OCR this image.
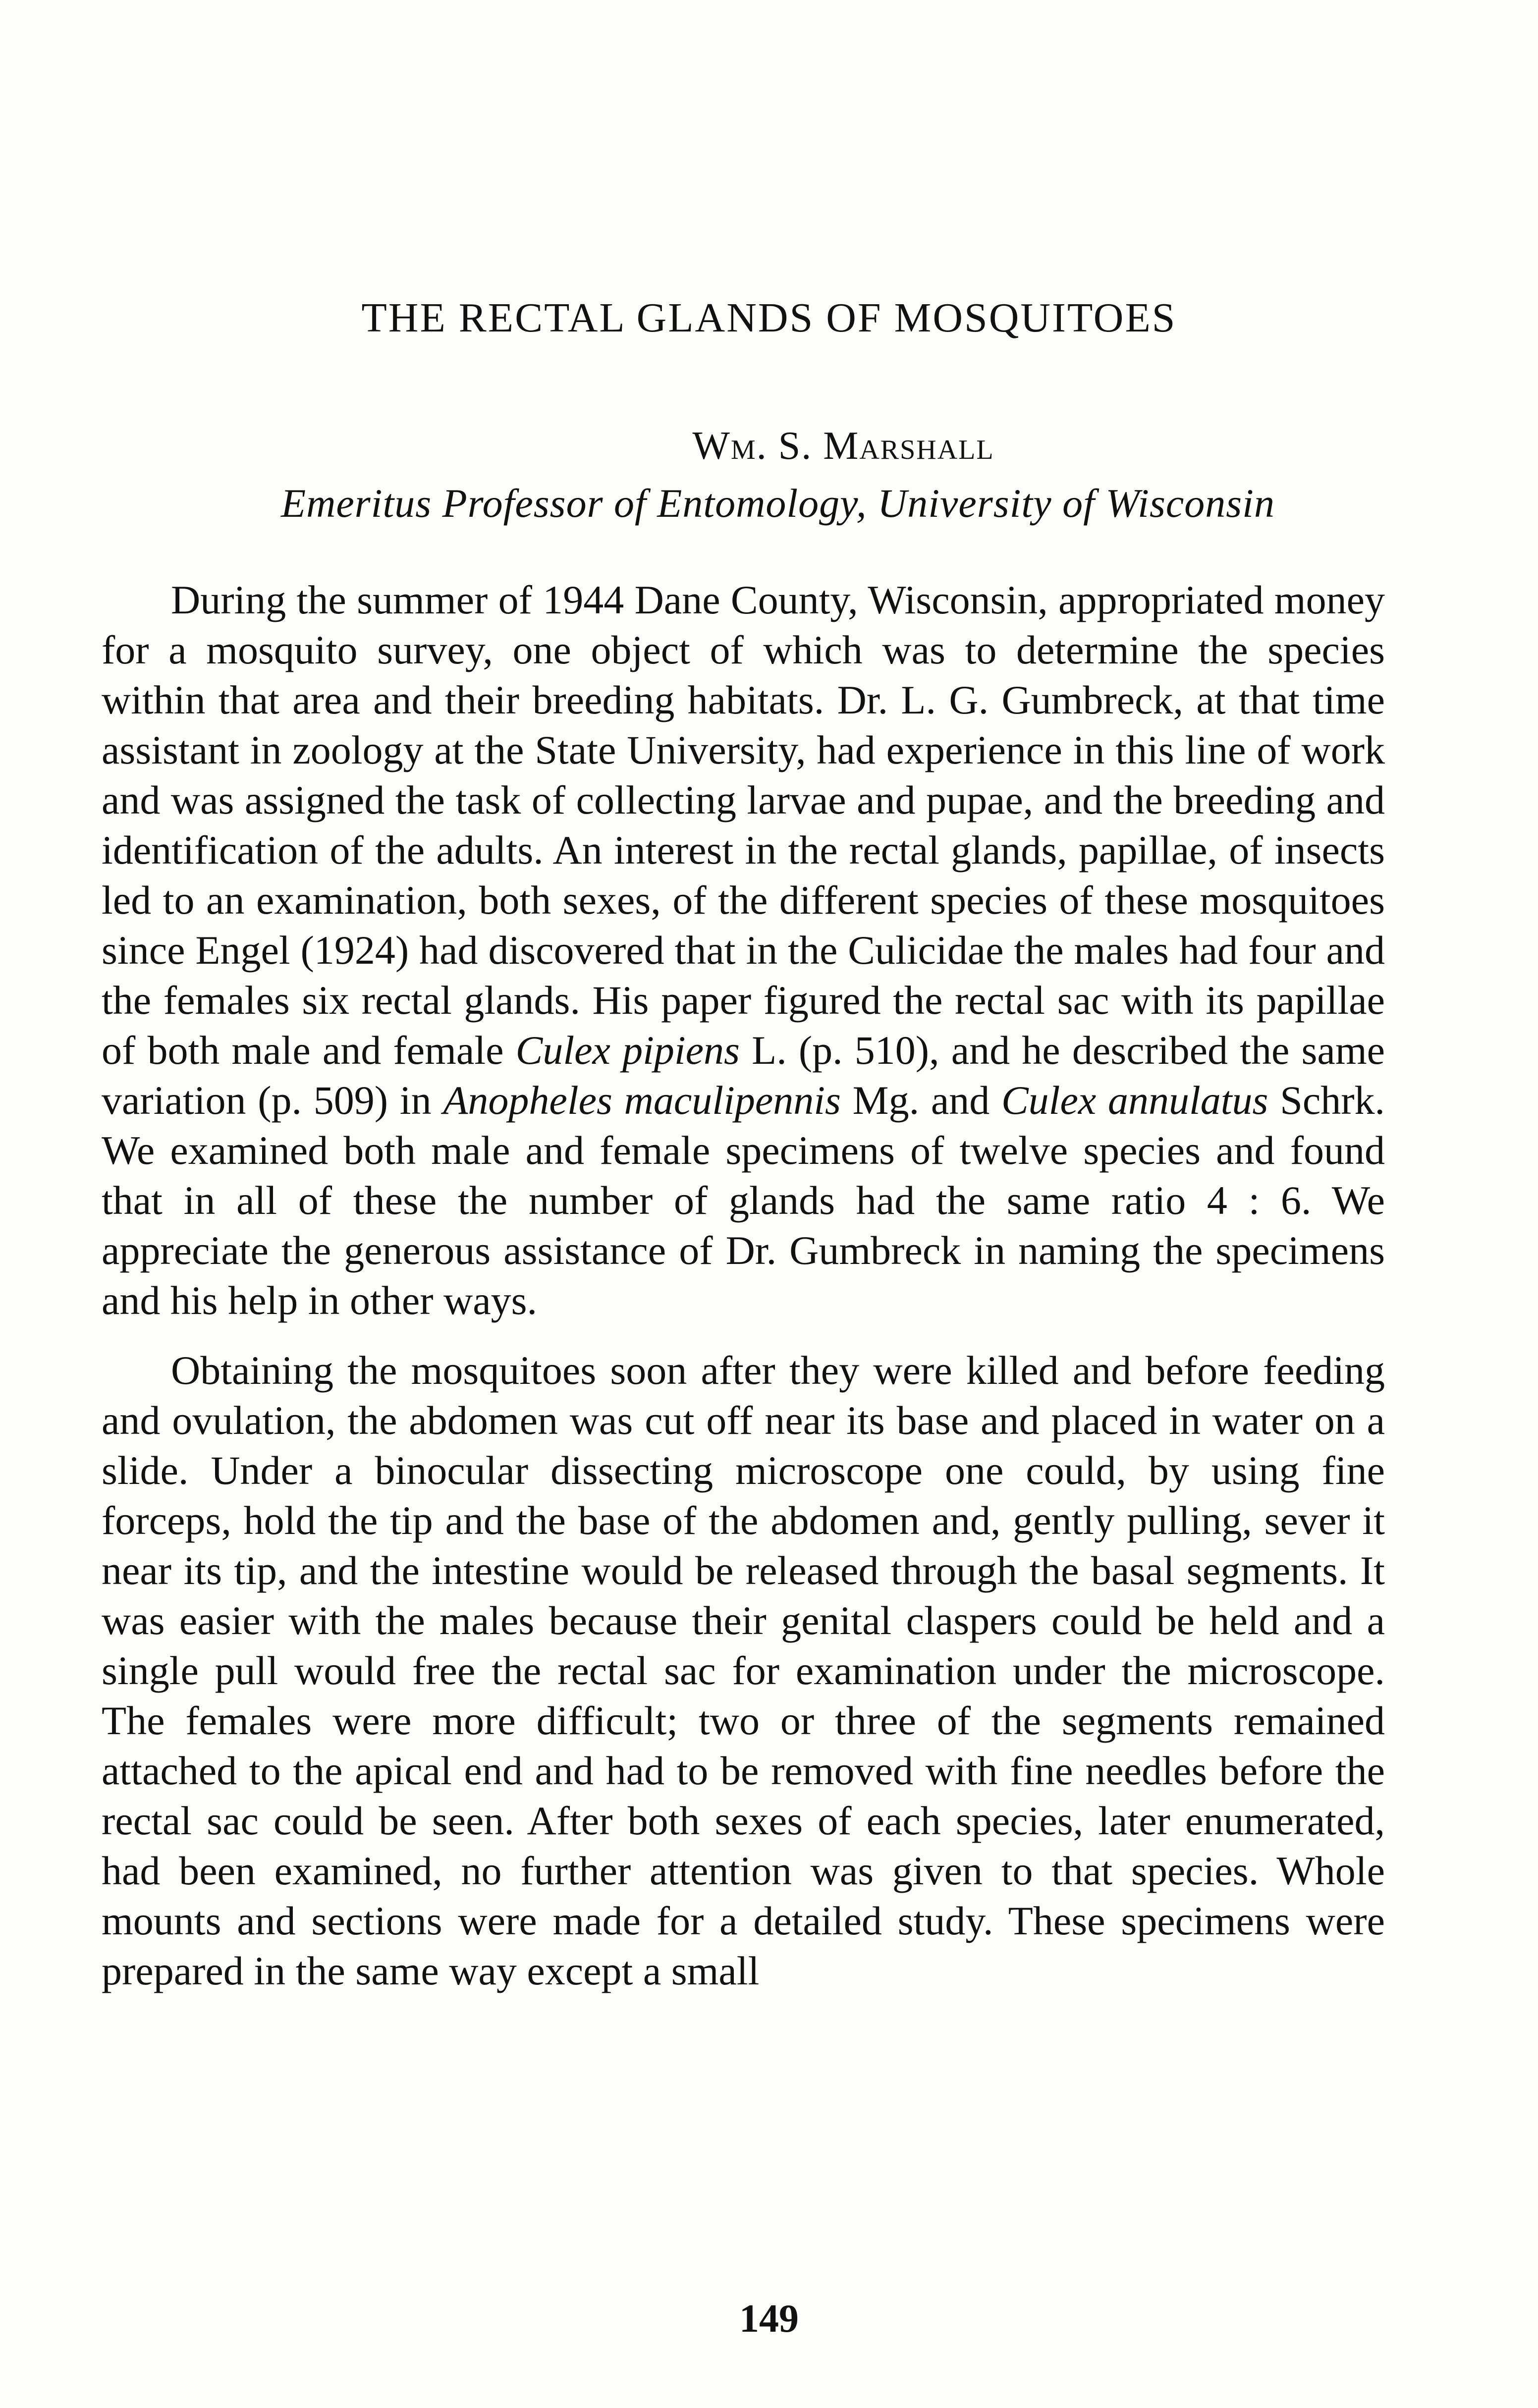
THE RECTAL GLANDS OF MOSQUITOES
Wm. S. Marshall
Emeritus Professor of Entomology, University of Wisconsin

During the summer of 1944 Dane County, Wisconsin, appropriated money for a mosquito survey, one object of which was to determine the species within that area and their breeding habitats. Dr. L. G. Gumbreck, at that time assistant in zoology at the State University, had experience in this line of work and was assigned the task of collecting larvae and pupae, and the breeding and identification of the adults. An interest in the rectal glands, papillae, of insects led to an examination, both sexes, of the different species of these mosquitoes since Engel (1924) had discovered that in the Culicidae the males had four and the females six rectal glands. His paper figured the rectal sac with its papillae of both male and female Culex pipiens L. (p. 510), and he described the same variation (p. 509) in Anopheles maculipennis Mg. and Culex annulatus Schrk. We examined both male and female specimens of twelve species and found that in all of these the number of glands had the same ratio 4 : 6. We appreciate the generous assistance of Dr. Gumbreck in naming the specimens and his help in other ways.

Obtaining the mosquitoes soon after they were killed and before feeding and ovulation, the abdomen was cut off near its base and placed in water on a slide. Under a binocular dissecting microscope one could, by using fine forceps, hold the tip and the base of the abdomen and, gently pulling, sever it near its tip, and the intestine would be released through the basal segments. It was easier with the males because their genital claspers could be held and a single pull would free the rectal sac for examination under the microscope. The females were more difficult; two or three of the segments remained attached to the apical end and had to be removed with fine needles before the rectal sac could be seen. After both sexes of each species, later enumerated, had been examined, no further attention was given to that species. Whole mounts and sections were made for a detailed study. These specimens were prepared in the same way except a small

149
